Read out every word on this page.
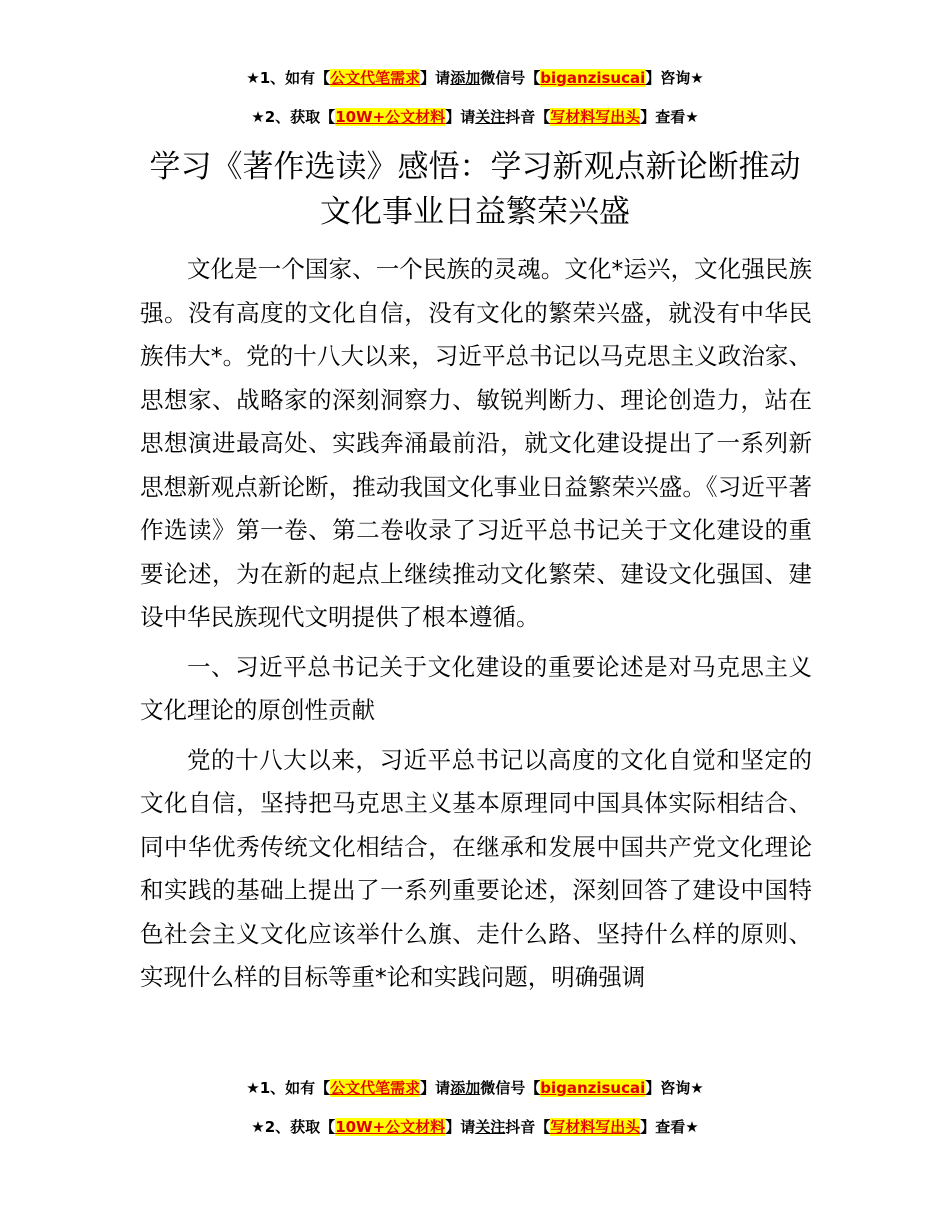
★1、如有【公文代笔需求】请添加微信号【biganzisucai】咨询★
★2、获取【10W+公文材料】请关注抖音【写材料写出头】查看★
学习《著作选读》感悟：学习新观点新论断推动文化事业日益繁荣兴盛

文化是一个国家、一个民族的灵魂。文化*运兴，文化强民族强。没有高度的文化自信，没有文化的繁荣兴盛，就没有中华民族伟大*。党的十八大以来，习近平总书记以马克思主义政治家、思想家、战略家的深刻洞察力、敏锐判断力、理论创造力，站在思想演进最高处、实践奔涌最前沿，就文化建设提出了一系列新思想新观点新论断，推动我国文化事业日益繁荣兴盛。《习近平著作选读》第一卷、第二卷收录了习近平总书记关于文化建设的重要论述，为在新的起点上继续推动文化繁荣、建设文化强国、建设中华民族现代文明提供了根本遵循。

一、习近平总书记关于文化建设的重要论述是对马克思主义文化理论的原创性贡献

党的十八大以来，习近平总书记以高度的文化自觉和坚定的文化自信，坚持把马克思主义基本原理同中国具体实际相结合、同中华优秀传统文化相结合，在继承和发展中国共产党文化理论和实践的基础上提出了一系列重要论述，深刻回答了建设中国特色社会主义文化应该举什么旗、走什么路、坚持什么样的原则、实现什么样的目标等重*论和实践问题，明确强调

★1、如有【公文代笔需求】请添加微信号【biganzisucai】咨询★
★2、获取【10W+公文材料】请关注抖音【写材料写出头】查看★
